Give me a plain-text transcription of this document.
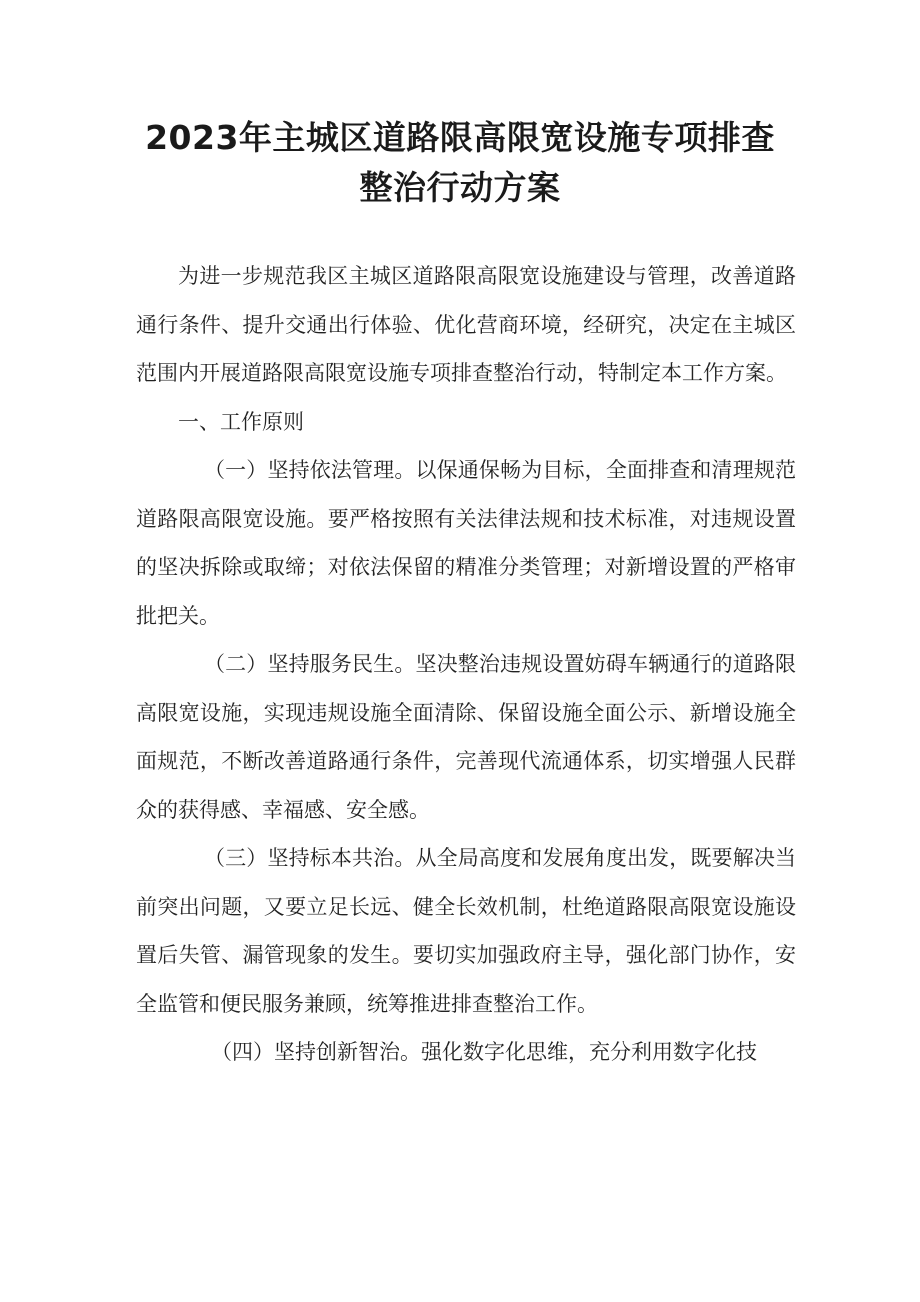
2023年主城区道路限高限宽设施专项排查
整治行动方案

为进一步规范我区主城区道路限高限宽设施建设与管理，改善道路通行条件、提升交通出行体验、优化营商环境，经研究，决定在主城区范围内开展道路限高限宽设施专项排查整治行动，特制定本工作方案。

一、工作原则

（一）坚持依法管理。以保通保畅为目标，全面排查和清理规范道路限高限宽设施。要严格按照有关法律法规和技术标准，对违规设置的坚决拆除或取缔；对依法保留的精准分类管理；对新增设置的严格审批把关。

（二）坚持服务民生。坚决整治违规设置妨碍车辆通行的道路限高限宽设施，实现违规设施全面清除、保留设施全面公示、新增设施全面规范，不断改善道路通行条件，完善现代流通体系，切实增强人民群众的获得感、幸福感、安全感。

（三）坚持标本共治。从全局高度和发展角度出发，既要解决当前突出问题，又要立足长远、健全长效机制，杜绝道路限高限宽设施设置后失管、漏管现象的发生。要切实加强政府主导，强化部门协作，安全监管和便民服务兼顾，统筹推进排查整治工作。

（四）坚持创新智治。强化数字化思维，充分利用数字化技
